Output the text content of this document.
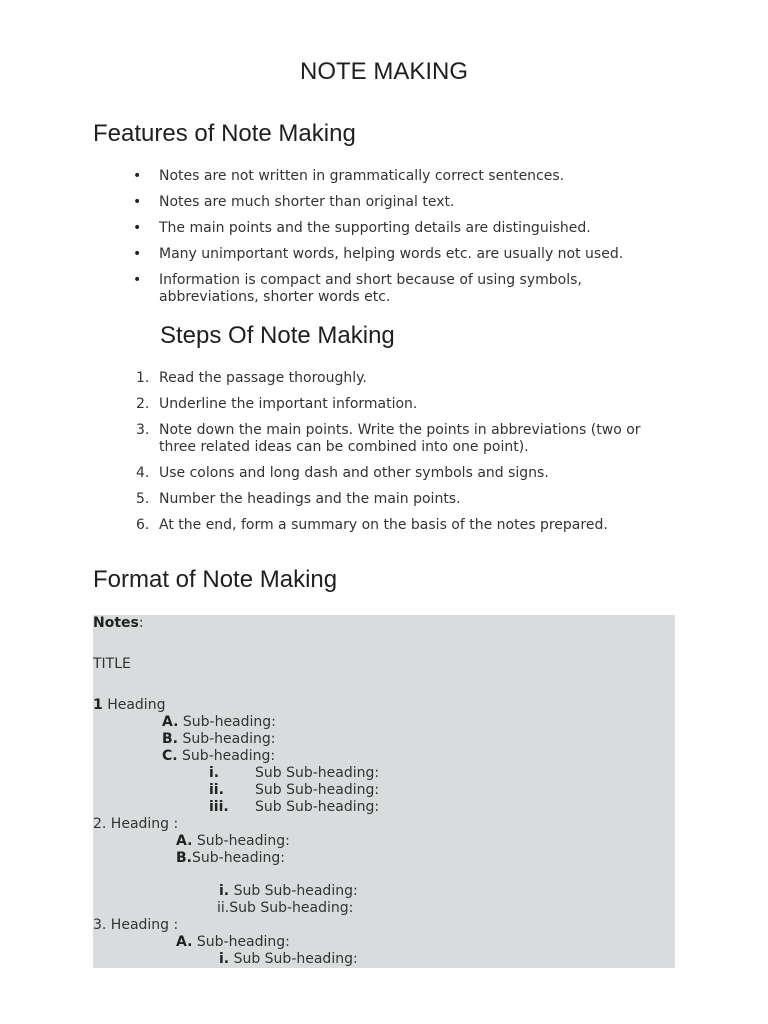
NOTE MAKING
Features of Note Making
• Notes are not written in grammatically correct sentences.
• Notes are much shorter than original text.
• The main points and the supporting details are distinguished.
• Many unimportant words, helping words etc. are usually not used.
• Information is compact and short because of using symbols, abbreviations, shorter words etc.
Steps Of Note Making
1. Read the passage thoroughly.
2. Underline the important information.
3. Note down the main points. Write the points in abbreviations (two or three related ideas can be combined into one point).
4. Use colons and long dash and other symbols and signs.
5. Number the headings and the main points.
6. At the end, form a summary on the basis of the notes prepared.
Format of Note Making
Notes:
TITLE
1 Heading
A. Sub-heading:
B. Sub-heading:
C. Sub-heading:
i.	Sub Sub-heading:
ii. Sub Sub-heading:
iii. Sub Sub-heading:
2. Heading :
A. Sub-heading:
B.Sub-heading:
i. Sub Sub-heading:
ii.Sub Sub-heading:
3. Heading :
A. Sub-heading:
i. Sub Sub-heading:
